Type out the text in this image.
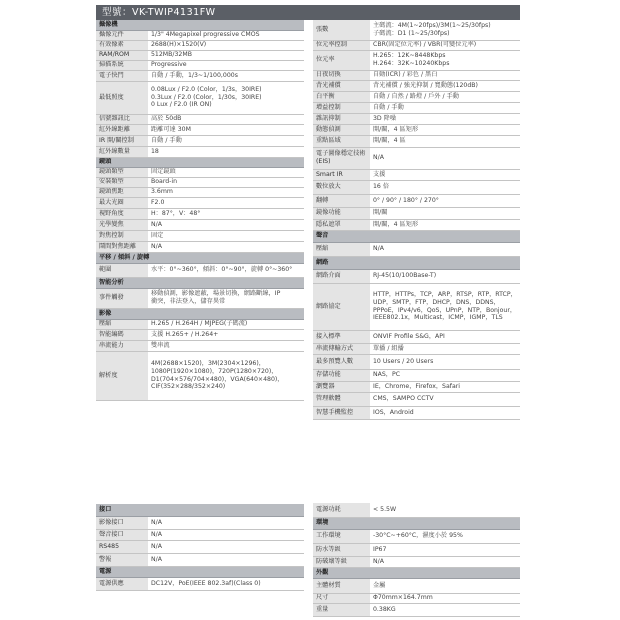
型號：VK-TWIP4131FW
攝像機	
攝像元件	1/3" 4Megapixel progressive CMOS

有效像素	2688(H)×1520(V)

RAM/ROM	512MB/32MB

掃描系統	Progressive

電子快門	自動 / 手動，1/3~1/100,000s

最低照度	0.08Lux / F2.0 (Color，1/3s，30IRE)
0.3Lux / F2.0 (Color，1/30s，30IRE)
0 Lux / F2.0 (IR ON)

信號雜訊比	高於 50dB

紅外線距離	距離可達 30M

IR 開/關控制	自動 / 手動

紅外線數量	18

鏡頭	
鏡頭類型	固定鏡頭

安裝類型	Board-in

鏡頭焦距	3.6mm

最大光圈	F2.0

視野角度	H：87°，V：48°

光學變焦	N/A

對焦控制	固定

鬧間對焦距離	N/A

平移 / 傾斜 / 旋轉	
範圍	水平：0°~360°，傾斜：0°~90°，旋轉 0°~360°

智能分析	
事件觸發	移動偵測，影像遮蔽，場景切換，網路斷線，IP
衝突，非法登入，儲存異常

影像	
壓縮	H.265 / H.264H / MJPEG(子碼流)

智能編碼	支援 H.265+ / H.264+

串流能力	雙串流

解析度	4M(2688×1520)，3M(2304×1296)，
1080P(1920×1080)，720P(1280×720)，
D1(704×576/704×480)，VGA(640×480)，
CIF(352×288/352×240)
張數	主碼流：4M(1~20fps)/3M(1~25/30fps)
子碼流：D1 (1~25/30fps)

位元率控制	CBR(固定位元率) / VBR(可變位元率)

位元率	H.265：12K~8448Kbps
H.264：32K~10240Kbps

日夜切換	自動(ICR) / 彩色 / 黑白

背光補償	背光補償 / 強光抑制 / 寬動態(120dB)

白平衡	自動 / 自然 / 路燈 / 戶外 / 手動

增益控制	自動 / 手動

雜訊抑制	3D 降噪

動態偵測	開/關，4 區矩形

重點區域	開/關，4 區

電子圖像穩定技術(EIS)	N/A

Smart IR	支援

數位放大	16 倍

翻轉	0° / 90° / 180° / 270°

鏡像功能	開/關

隱私遮罩	開/關，4 區矩形

聲音	
壓縮	N/A

網路	
網路介面	RJ-45(10/100Base-T)

網路協定	HTTP，HTTPs，TCP，ARP，RTSP，RTP，RTCP，
UDP，SMTP，FTP，DHCP，DNS，DDNS，
PPPoE，IPv4/v6，QoS，UPnP，NTP，Bonjour，
IEEE802.1x，Multicast，ICMP，IGMP，TLS

接入標準	ONVIF Profile S&G，API

串流傳輸方式	單播 / 組播

最多預覽人數	10 Users / 20 Users

存儲功能	NAS，PC

瀏覽器	IE，Chrome，Firefox，Safari

管理軟體	CMS，SAMPO CCTV

智慧手機監控	IOS，Android
接口	
影像接口	N/A

聲音接口	N/A

RS485	N/A

警報	N/A

電源	
電源供應	DC12V，PoE(IEEE 802.3af)(Class 0)
電源功耗	< 5.5W

環境	
工作環境	-30°C~+60°C，濕度小於 95%

防水等級	IP67

防破壞等級	N/A

外觀	
主體材質	金屬

尺寸	Φ70mm×164.7mm

重量	0.38KG
